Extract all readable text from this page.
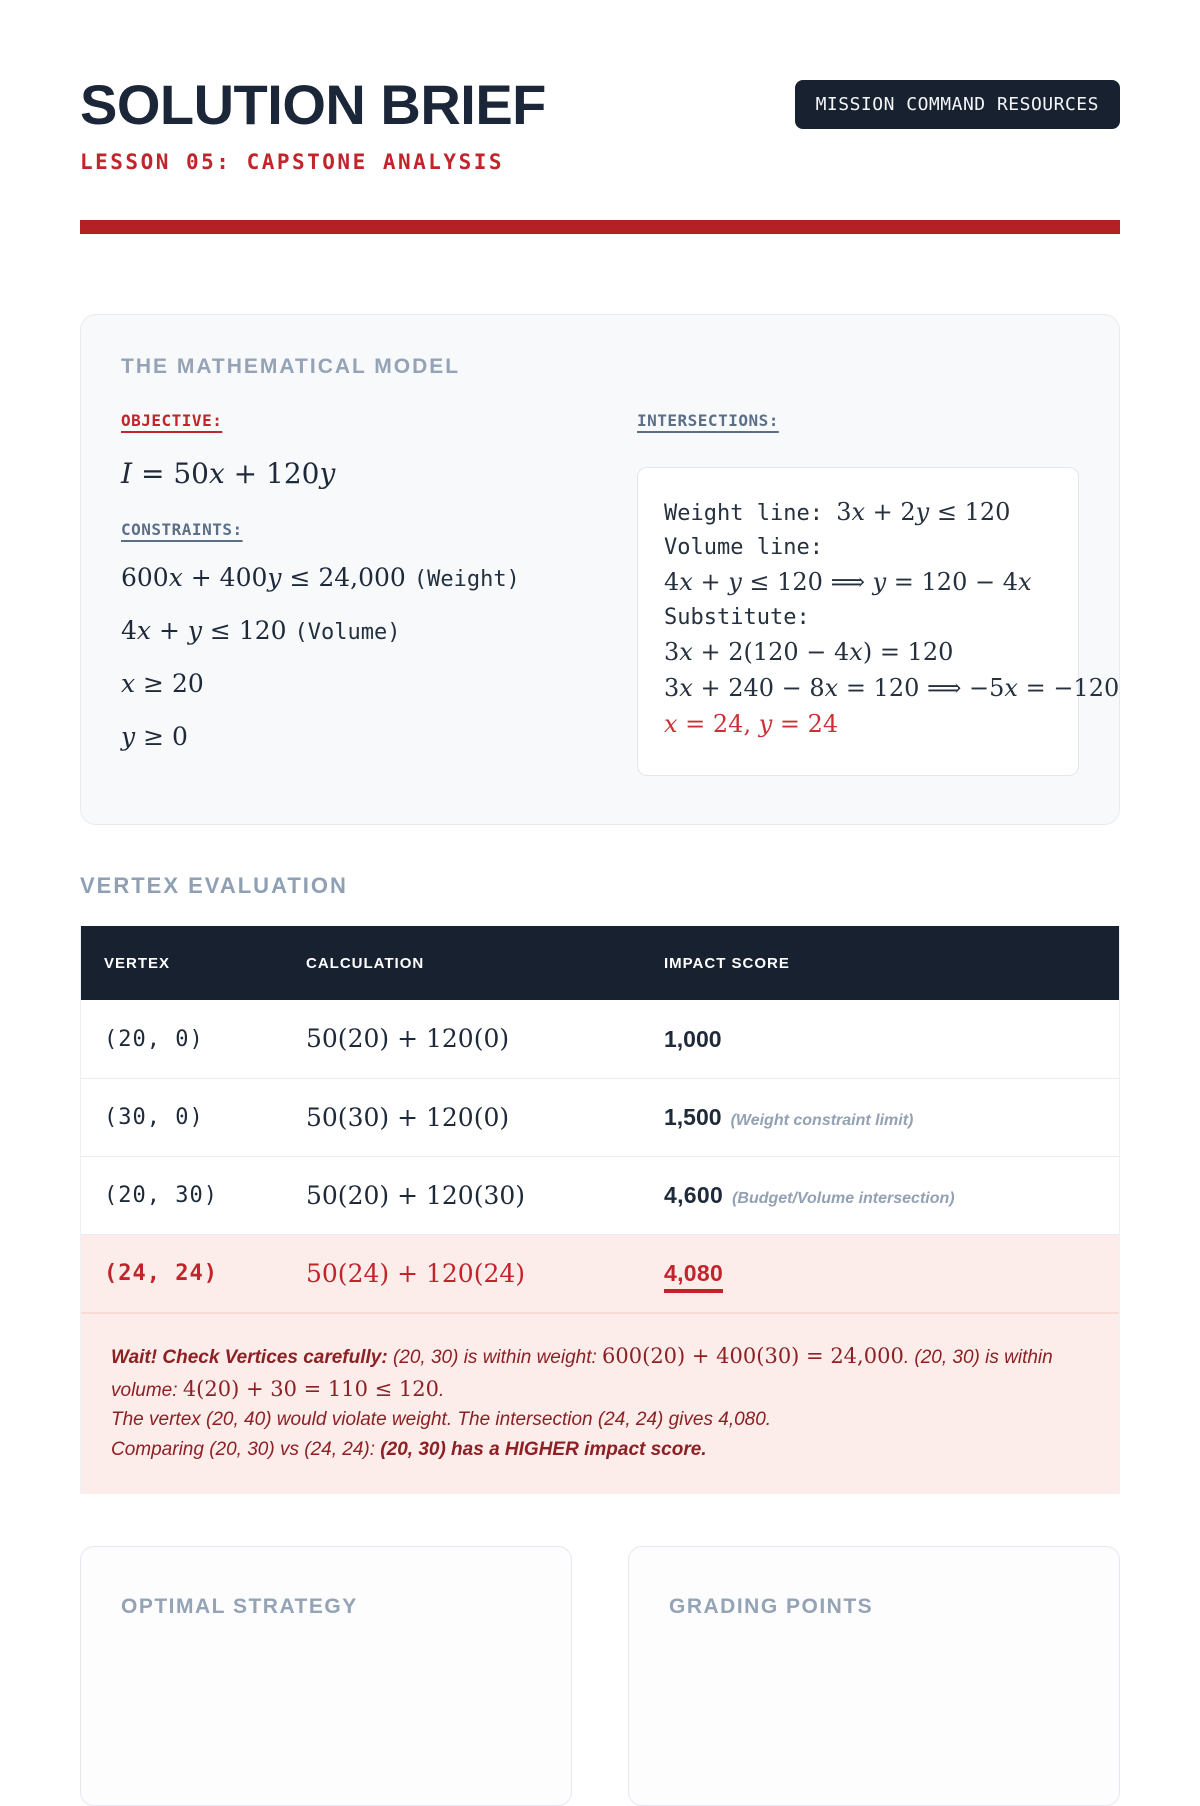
SOLUTION BRIEF
LESSON 05: CAPSTONE ANALYSIS
MISSION COMMAND RESOURCES
THE MATHEMATICAL MODEL
OBJECTIVE:
I = 50x + 120y
CONSTRAINTS:
600x + 400y ≤ 24,000 (Weight)
4x + y ≤ 120 (Volume)
x ≥ 20
y ≥ 0
INTERSECTIONS:
Weight line: 3x + 2y ≤ 120
Volume line:
4x + y ≤ 120 ⟹ y = 120 − 4x
Substitute:
3x + 2(120 − 4x) = 120
3x + 240 − 8x = 120 ⟹ −5x = −120
x = 24, y = 24
VERTEX EVALUATION
VERTEX	CALCULATION	IMPACT SCORE
(20, 0)	50(20) + 120(0)	1,000
(30, 0)	50(30) + 120(0)	1,500 (Weight constraint limit)
(20, 30)	50(20) + 120(30)	4,600 (Budget/Volume intersection)
(24, 24)	50(24) + 120(24)	4,080

Wait! Check Vertices carefully: (20, 30) is within weight: 600(20) + 400(30) = 24,000. (20, 30) is within volume: 4(20) + 30 = 110 ≤ 120.

The vertex (20, 40) would violate weight. The intersection (24, 24) gives 4,080.

Comparing (20, 30) vs (24, 24): (20, 30) has a HIGHER impact score.

OPTIMAL STRATEGY	GRADING POINTS
